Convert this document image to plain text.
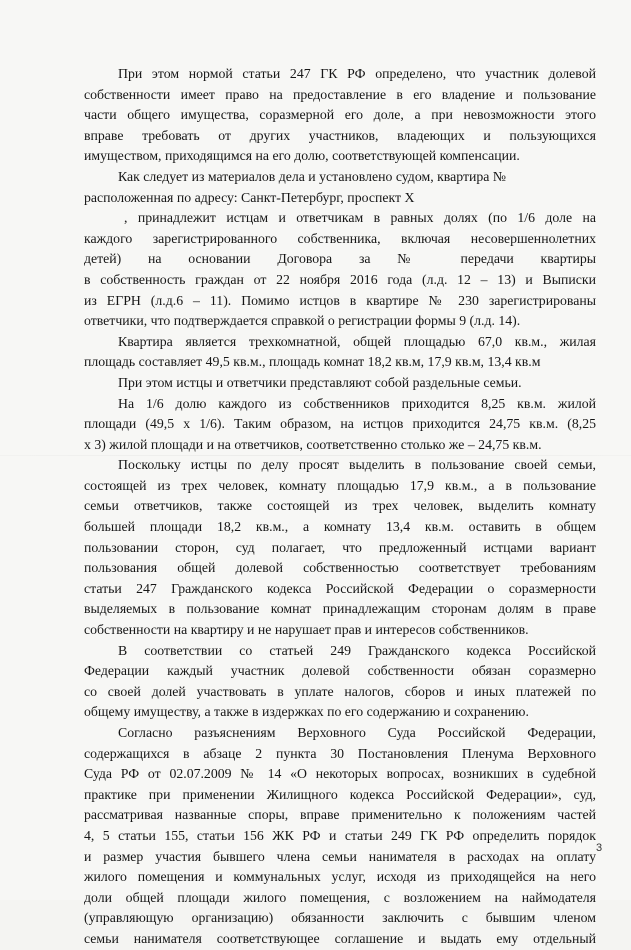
При этом нормой статьи 247 ГК РФ определено, что участник долевой
собственности имеет право на предоставление в его владение и пользование
части общего имущества, соразмерной его доле, а при невозможности этого
вправе требовать от других участников, владеющих и пользующихся
имуществом, приходящимся на его долю, соответствующей компенсации.
Как следует из материалов дела и установлено судом, квартира №
расположенная по адресу: Санкт-Петербург, проспект Х
, принадлежит истцам и ответчикам в равных долях (по 1/6 доле на
каждого зарегистрированного собственника, включая несовершеннолетних
детей) на основании Договора за № передачи квартиры
в собственность граждан от 22 ноября 2016 года (л.д. 12 – 13) и Выписки
из ЕГРН (л.д.6 – 11). Помимо истцов в квартире № 230 зарегистрированы
ответчики, что подтверждается справкой о регистрации формы 9 (л.д. 14).
Квартира является трехкомнатной, общей площадью 67,0 кв.м., жилая
площадь составляет 49,5 кв.м., площадь комнат 18,2 кв.м, 17,9 кв.м, 13,4 кв.м
При этом истцы и ответчики представляют собой раздельные семьи.
На 1/6 долю каждого из собственников приходится 8,25 кв.м. жилой
площади (49,5 х 1/6). Таким образом, на истцов приходится 24,75 кв.м. (8,25
х 3) жилой площади и на ответчиков, соответственно столько же – 24,75 кв.м.
Поскольку истцы по делу просят выделить в пользование своей семьи,
состоящей из трех человек, комнату площадью 17,9 кв.м., а в пользование
семьи ответчиков, также состоящей из трех человек, выделить комнату
большей площади 18,2 кв.м., а комнату 13,4 кв.м. оставить в общем
пользовании сторон, суд полагает, что предложенный истцами вариант
пользования общей долевой собственностью соответствует требованиям
статьи 247 Гражданского кодекса Российской Федерации о соразмерности
выделяемых в пользование комнат принадлежащим сторонам долям в праве
собственности на квартиру и не нарушает прав и интересов собственников.
В соответствии со статьей 249 Гражданского кодекса Российской
Федерации каждый участник долевой собственности обязан соразмерно
со своей долей участвовать в уплате налогов, сборов и иных платежей по
общему имуществу, а также в издержках по его содержанию и сохранению.
Согласно разъяснениям Верховного Суда Российской Федерации,
содержащихся в абзаце 2 пункта 30 Постановления Пленума Верховного
Суда РФ от 02.07.2009 № 14 «О некоторых вопросах, возникших в судебной
практике при применении Жилищного кодекса Российской Федерации», суд,
рассматривая названные споры, вправе применительно к положениям частей
4, 5 статьи 155, статьи 156 ЖК РФ и статьи 249 ГК РФ определить порядок
и размер участия бывшего члена семьи нанимателя в расходах на оплату
жилого помещения и коммунальных услуг, исходя из приходящейся на него
доли общей площади жилого помещения, с возложением на наймодателя
(управляющую организацию) обязанности заключить с бывшим членом
семьи нанимателя соответствующее соглашение и выдать ему отдельный
3
